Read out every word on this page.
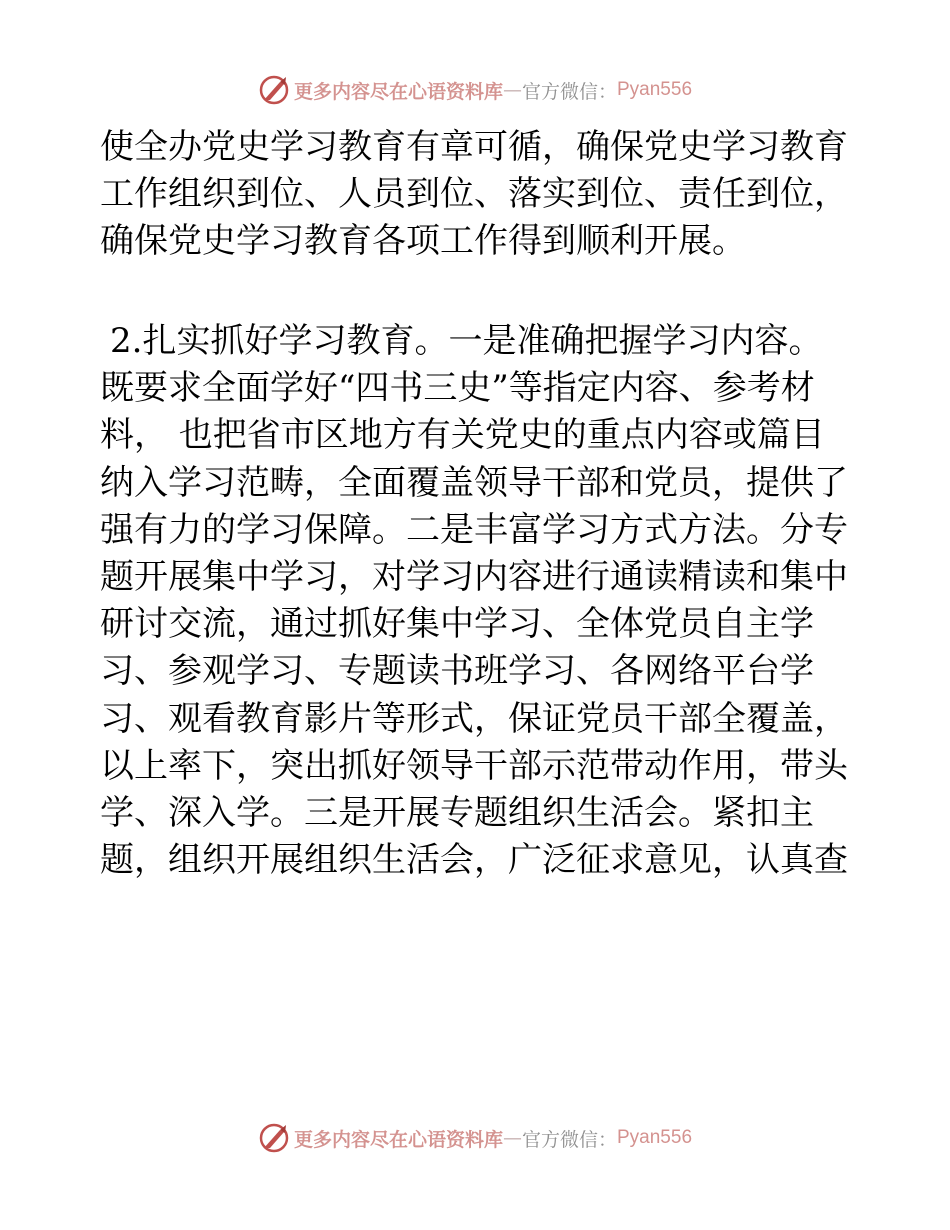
更多内容尽在心语资料库 — 官方微信： Pyan556
使全办党史学习教育有章可循，确保党史学习教育
工作组织到位、人员到位、落实到位、责任到位，
确保党史学习教育各项工作得到顺利开展。
2.扎实抓好学习教育。一是准确把握学习内容。
既要求全面学好“四书三史”等指定内容、参考材
料， 也把省市区地方有关党史的重点内容或篇目
纳入学习范畴，全面覆盖领导干部和党员，提供了
强有力的学习保障。二是丰富学习方式方法。分专
题开展集中学习，对学习内容进行通读精读和集中
研讨交流，通过抓好集中学习、全体党员自主学
习、参观学习、专题读书班学习、各网络平台学
习、观看教育影片等形式，保证党员干部全覆盖，
以上率下，突出抓好领导干部示范带动作用，带头
学、深入学。三是开展专题组织生活会。紧扣主
题，组织开展组织生活会，广泛征求意见，认真查
更多内容尽在心语资料库 — 官方微信： Pyan556
